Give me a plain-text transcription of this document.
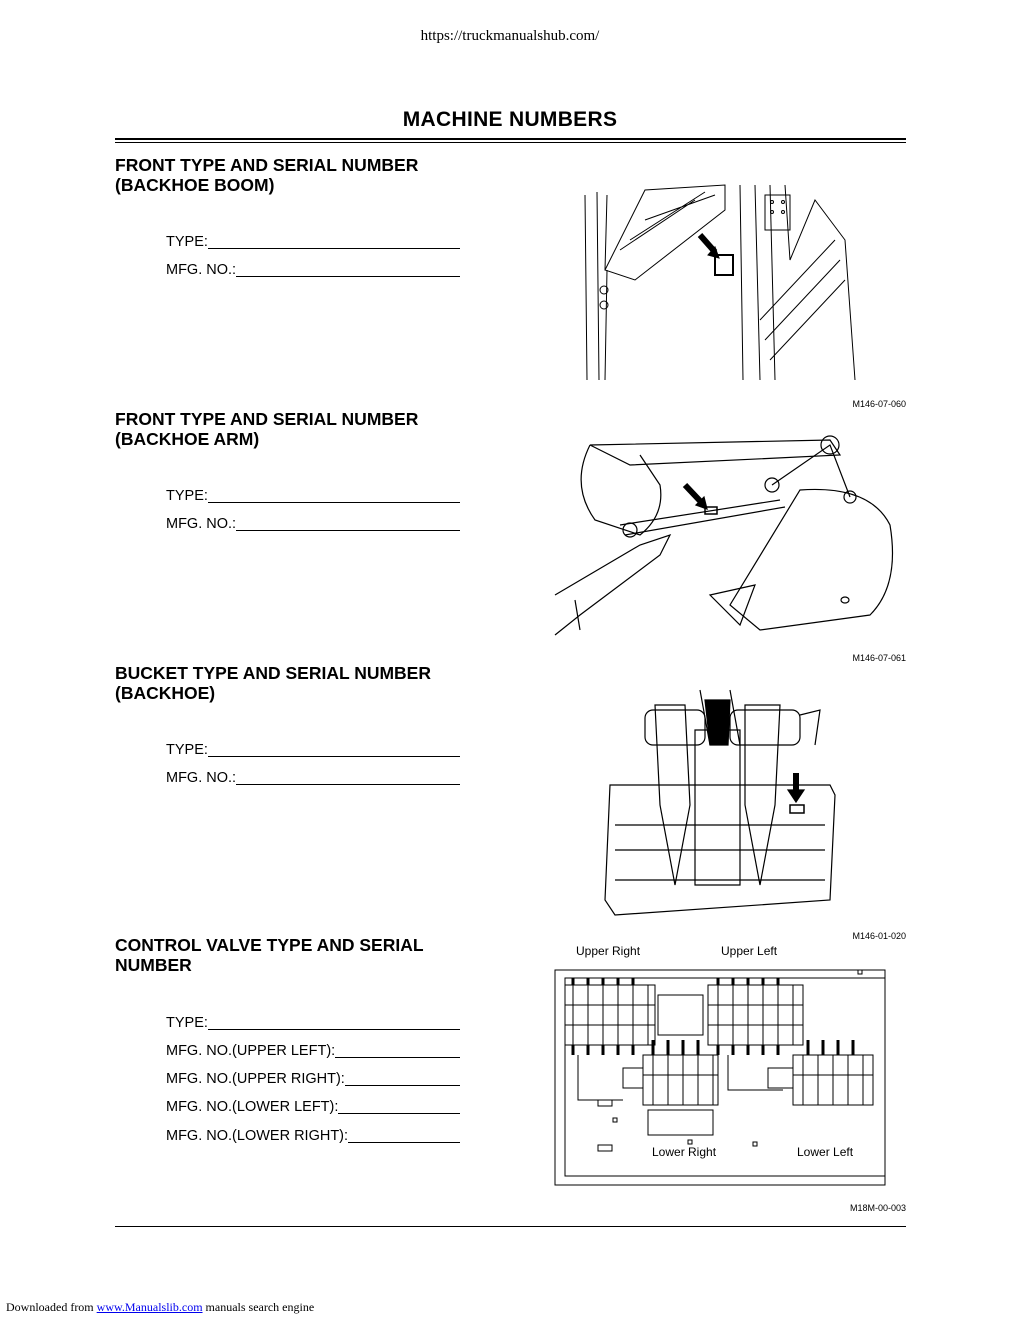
https://truckmanualshub.com/
MACHINE NUMBERS
FRONT TYPE AND SERIAL NUMBER
(BACKHOE BOOM)
TYPE:
MFG. NO.:
M146-07-060
FRONT TYPE AND SERIAL NUMBER
(BACKHOE ARM)
TYPE:
MFG. NO.:
M146-07-061
BUCKET TYPE AND SERIAL NUMBER
(BACKHOE)
TYPE:
MFG. NO.:
M146-01-020
CONTROL VALVE TYPE AND SERIAL
NUMBER
TYPE:
MFG. NO.(UPPER LEFT):
MFG. NO.(UPPER RIGHT):
MFG. NO.(LOWER LEFT):
MFG. NO.(LOWER RIGHT):
Upper Right	Upper Left
Lower Right	Lower Left
M18M-00-003
Downloaded from www.Manualslib.com manuals search engine
